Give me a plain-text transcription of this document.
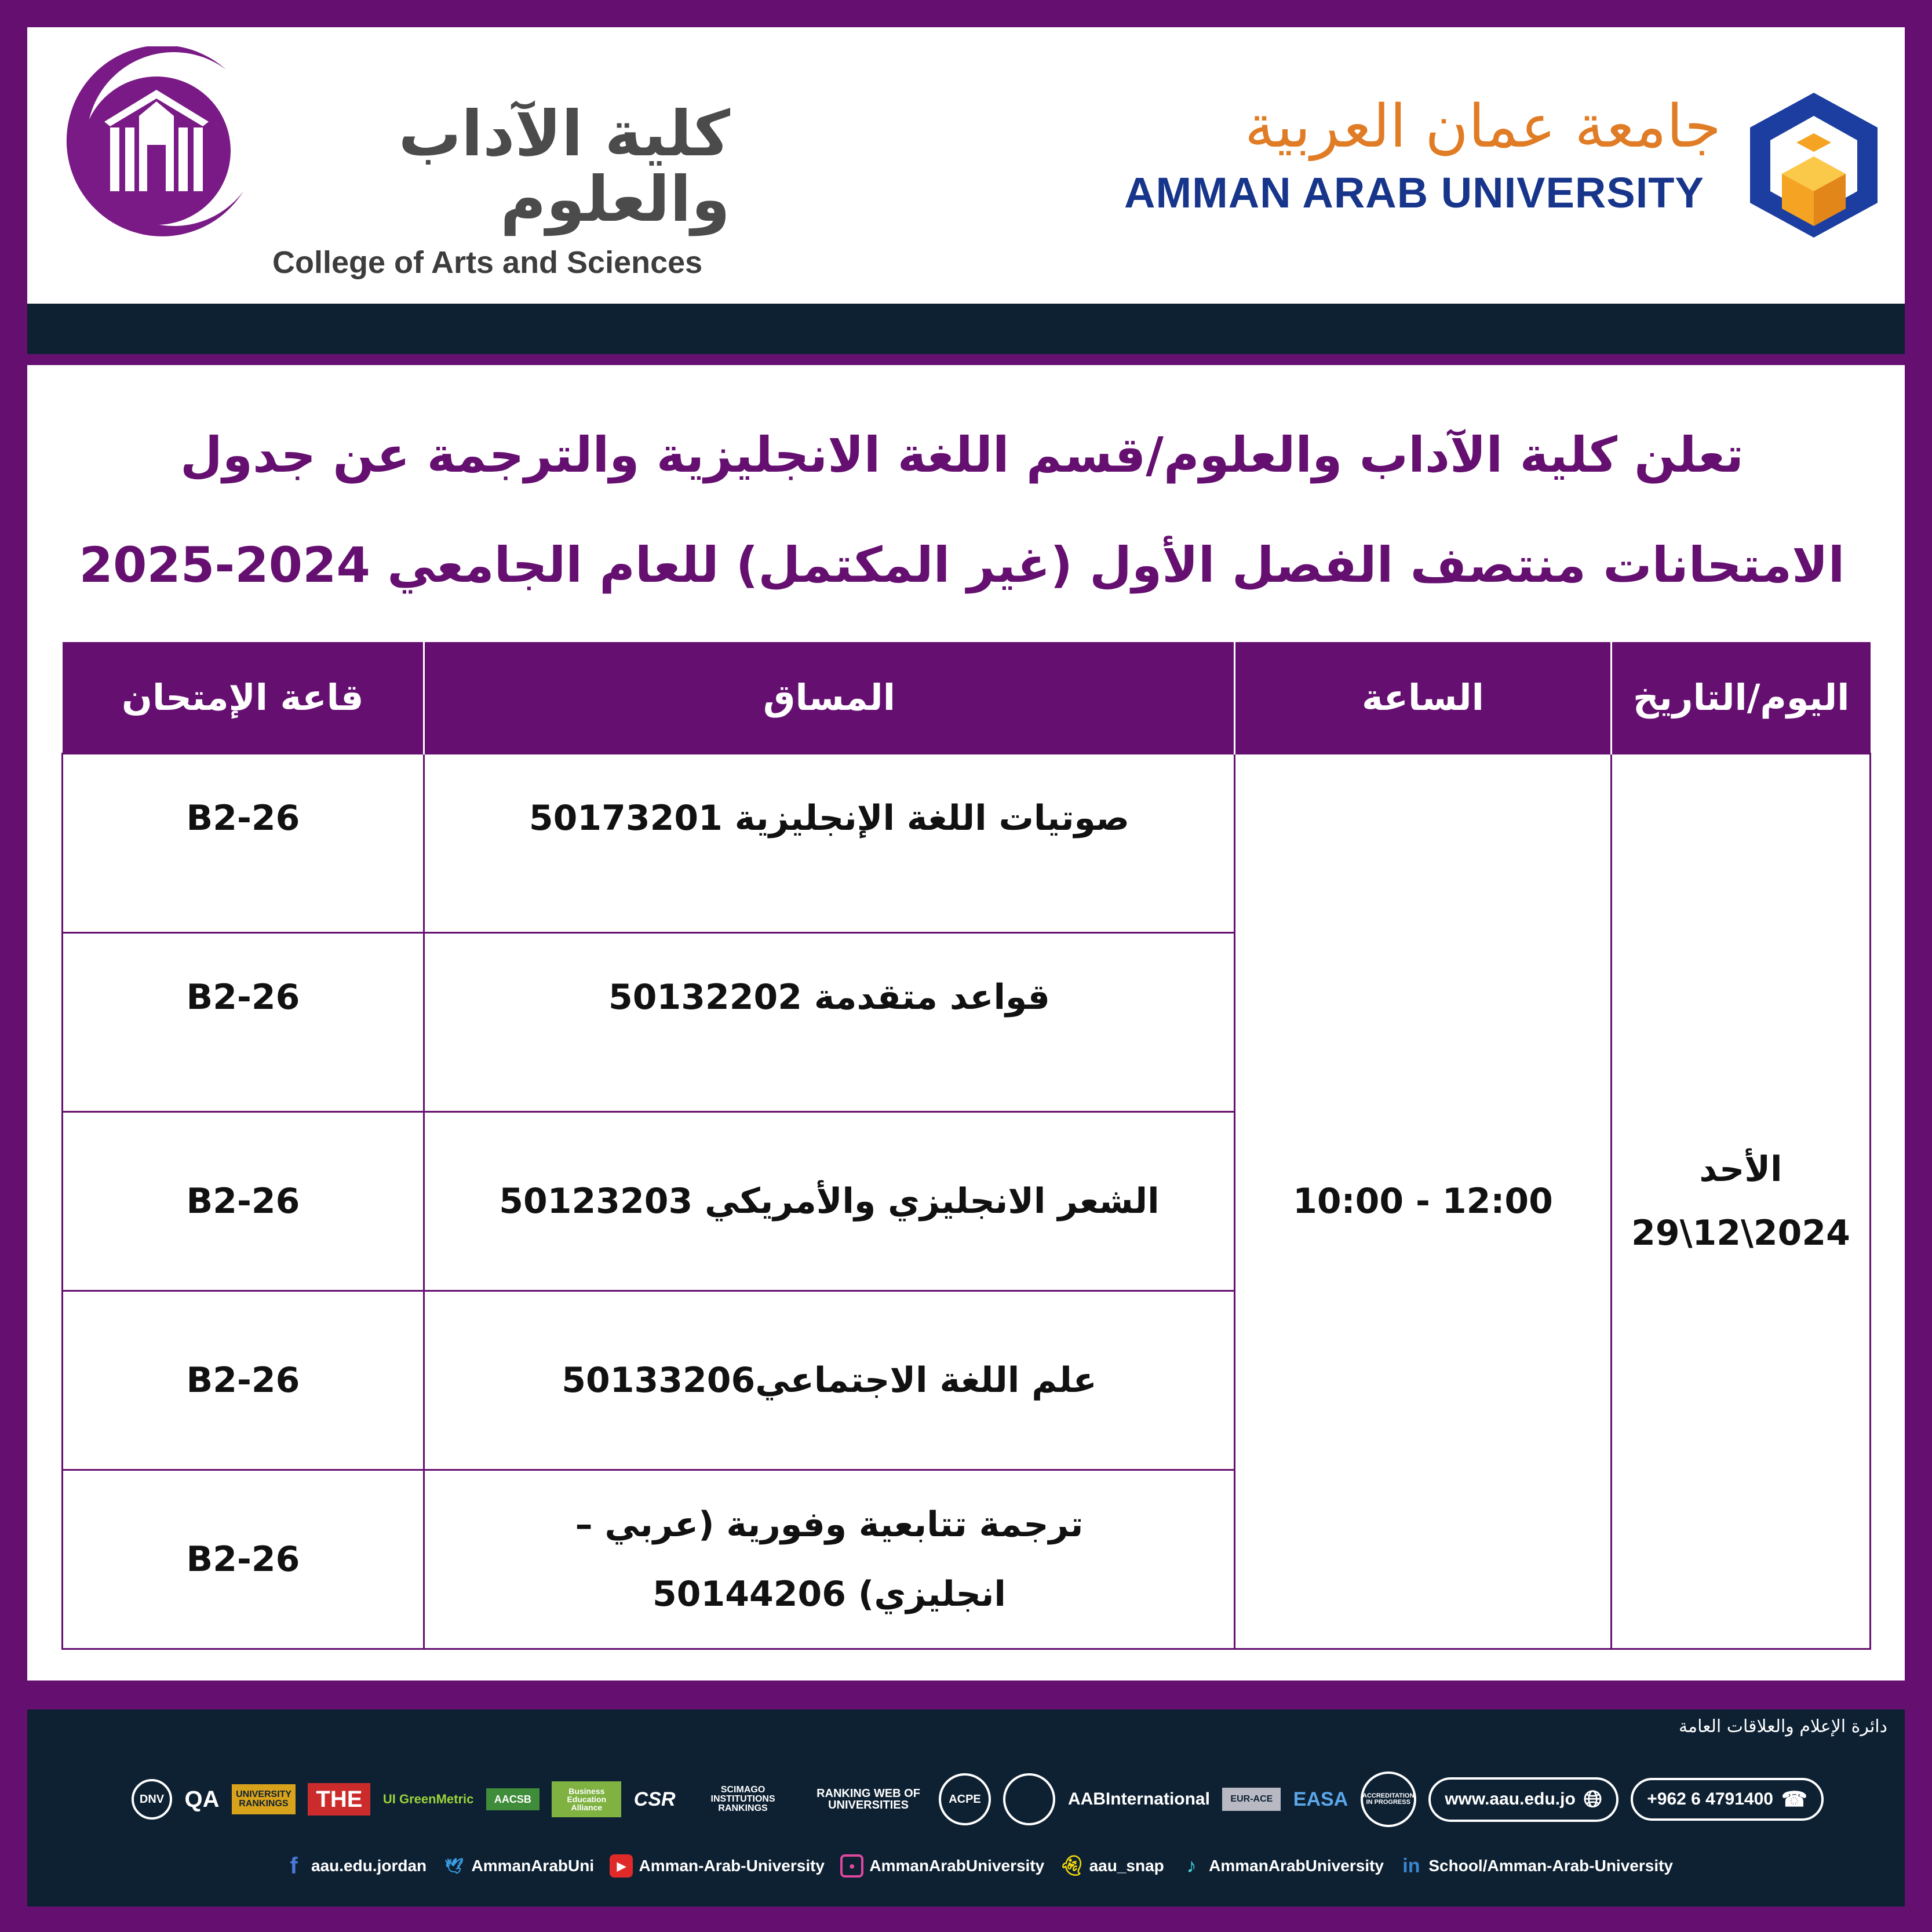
كلية الآداب والعلوم
College of Arts and Sciences
جامعة عمان العربية
AMMAN ARAB UNIVERSITY
تعلن كلية الآداب والعلوم/قسم اللغة الانجليزية والترجمة عن جدول
الامتحانات منتصف الفصل الأول (غير المكتمل) للعام الجامعي 2024-2025
اليوم/التاريخ	الساعة	المساق	قاعة الإمتحان

الأحد
29\12\2024	10:00 - 12:00	صوتيات اللغة الإنجليزية 50173201	B2-26
		قواعد متقدمة 50132202	B2-26
		الشعر الانجليزي والأمريكي 50123203	B2-26
		علم اللغة الاجتماعي50133206	B2-26
		ترجمة تتابعية وفورية (عربي – انجليزي) 50144206	B2-26
دائرة الإعلام والعلاقات العامة
DNV QA	UNIVERSITY RANKINGS	THE	UI GreenMetric	AACSB
Business Education Alliance	CSR	SCIMAGO INSTITUTIONS RANKINGS
RANKING WEB OF UNIVERSITIES	ACPE	AABInternational	EUR-ACE	EASA ACCREDITATION IN PROGRESS	www.aau.edu.jo 🌐︎	+962 6 4791400 ☎
f aau.edu.jordan 🕊︎ AmmanArabUni	▶ Amman-Arab-University	● AmmanArabUniversity 👻︎ aau_snap	♪ AmmanArabUniversity in School/Amman-Arab-University
